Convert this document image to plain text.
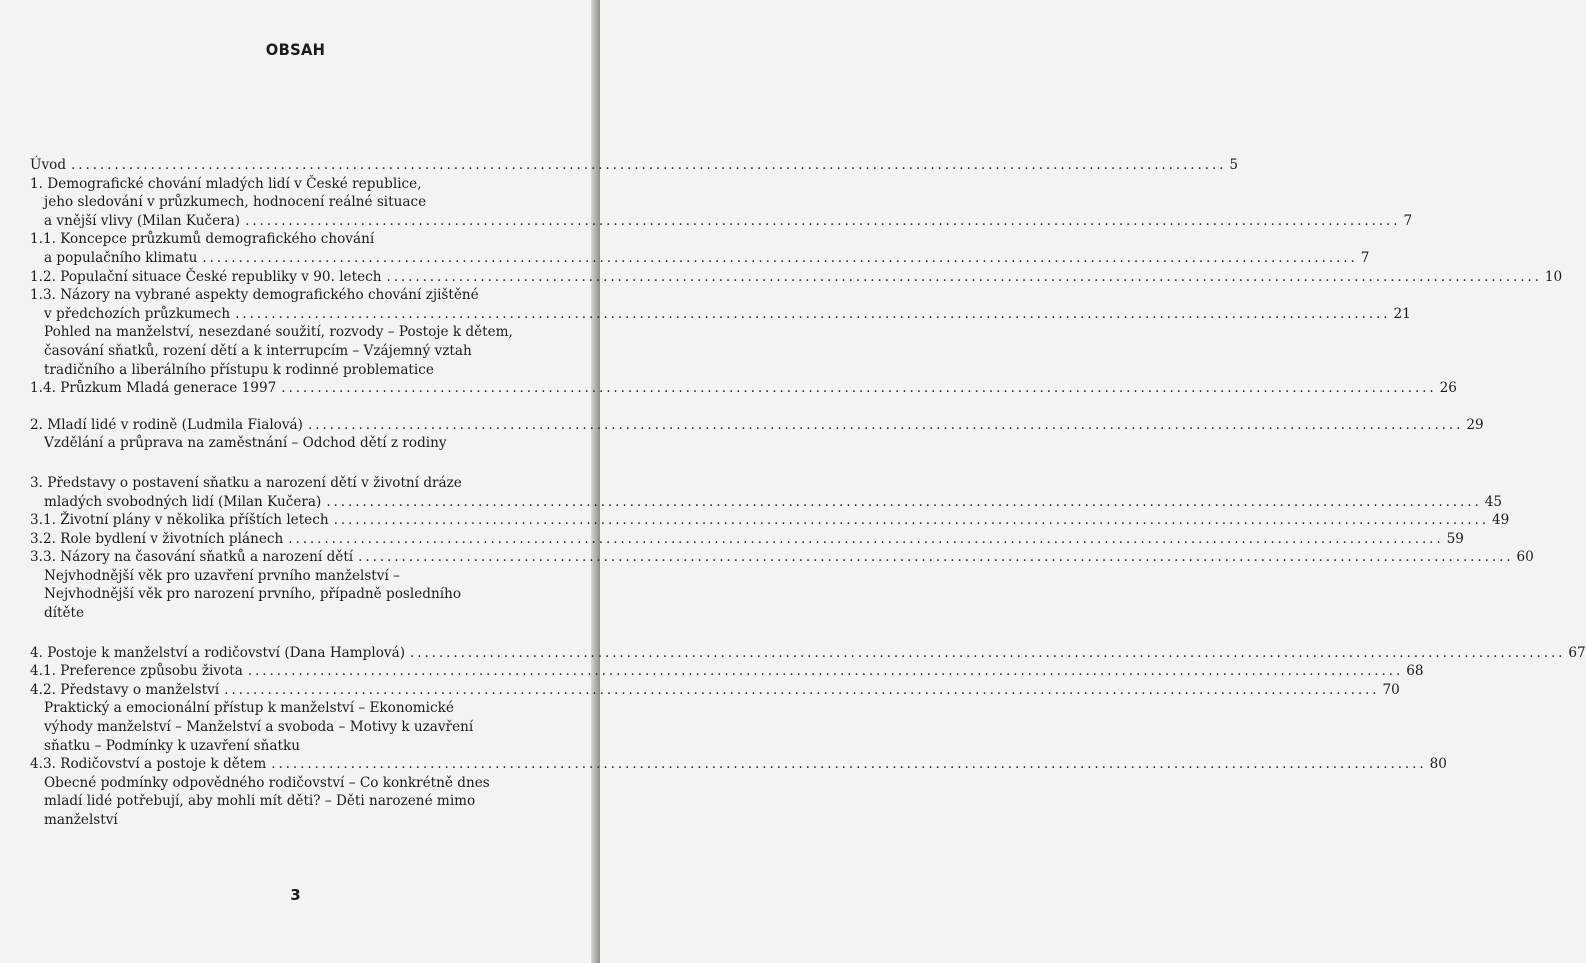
OBSAH
Úvod ................................................................................................................................................................ 5
1. Demografické chování mladých lidí v České republice,
jeho sledování v průzkumech, hodnocení reálné situace
a vnější vlivy (Milan Kučera) ................................................................................................................................................................ 7
1.1. Koncepce průzkumů demografického chování
a populačního klimatu ................................................................................................................................................................ 7
1.2. Populační situace České republiky v 90. letech ................................................................................................................................................................ 10
1.3. Názory na vybrané aspekty demografického chování zjištěné
v předchozích průzkumech ................................................................................................................................................................ 21
Pohled na manželství, nesezdané soužití, rozvody – Postoje k dětem,
časování sňatků, rození dětí a k interrupcím – Vzájemný vztah
tradičního a liberálního přístupu k rodinné problematice
1.4. Průzkum Mladá generace 1997 ................................................................................................................................................................ 26
2. Mladí lidé v rodině (Ludmila Fialová) ................................................................................................................................................................ 29
Vzdělání a průprava na zaměstnání – Odchod dětí z rodiny
3. Představy o postavení sňatku a narození dětí v životní dráze
mladých svobodných lidí (Milan Kučera) ................................................................................................................................................................ 45
3.1. Životní plány v několika příštích letech ................................................................................................................................................................ 49
3.2. Role bydlení v životních plánech ................................................................................................................................................................ 59
3.3. Názory na časování sňatků a narození dětí ................................................................................................................................................................ 60
Nejvhodnější věk pro uzavření prvního manželství –
Nejvhodnější věk pro narození prvního, případně posledního
dítěte
4. Postoje k manželství a rodičovství (Dana Hamplová) ................................................................................................................................................................ 67
4.1. Preference způsobu života ................................................................................................................................................................ 68
4.2. Představy o manželství ................................................................................................................................................................ 70
Praktický a emocionální přístup k manželství – Ekonomické
výhody manželství – Manželství a svoboda – Motivy k uzavření
sňatku – Podmínky k uzavření sňatku
4.3. Rodičovství a postoje k dětem ................................................................................................................................................................ 80
Obecné podmínky odpovědného rodičovství – Co konkrétně dnes
mladí lidé potřebují, aby mohli mít děti? – Děti narozené mimo
manželství
3
